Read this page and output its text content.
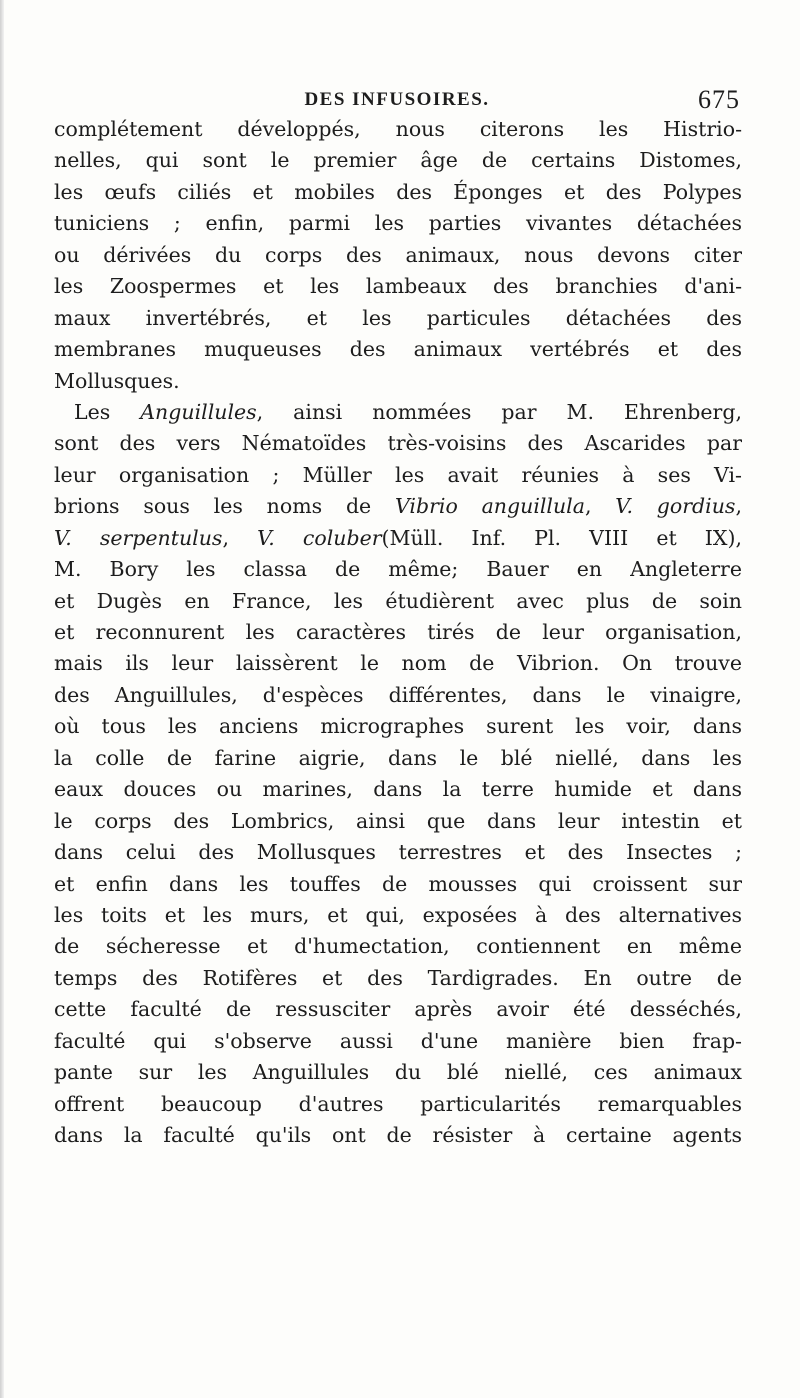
DES INFUSOIRES.	675
complétement développés, nous citerons les Histrio-
nelles, qui sont le premier âge de certains Distomes,
les œufs ciliés et mobiles des Éponges et des Polypes
tuniciens ; enfin, parmi les parties vivantes détachées
ou dérivées du corps des animaux, nous devons citer
les Zoospermes et les lambeaux des branchies d'ani-
maux invertébrés, et les particules détachées des
membranes muqueuses des animaux vertébrés et des
Mollusques.
Les Anguillules, ainsi nommées par M. Ehrenberg,
sont des vers Nématoïdes très-voisins des Ascarides par
leur organisation ; Müller les avait réunies à ses Vi-
brions sous les noms de Vibrio anguillula, V. gordius,
V. serpentulus, V. coluber(Müll. Inf. Pl. VIII et IX),
M. Bory les classa de même; Bauer en Angleterre
et Dugès en France, les étudièrent avec plus de soin
et reconnurent les caractères tirés de leur organisation,
mais ils leur laissèrent le nom de Vibrion. On trouve
des Anguillules, d'espèces différentes, dans le vinaigre,
où tous les anciens micrographes surent les voir, dans
la colle de farine aigrie, dans le blé niellé, dans les
eaux douces ou marines, dans la terre humide et dans
le corps des Lombrics, ainsi que dans leur intestin et
dans celui des Mollusques terrestres et des Insectes ;
et enfin dans les touffes de mousses qui croissent sur
les toits et les murs, et qui, exposées à des alternatives
de sécheresse et d'humectation, contiennent en même
temps des Rotifères et des Tardigrades. En outre de
cette faculté de ressusciter après avoir été desséchés,
faculté qui s'observe aussi d'une manière bien frap-
pante sur les Anguillules du blé niellé, ces animaux
offrent beaucoup d'autres particularités remarquables
dans la faculté qu'ils ont de résister à certaine agents
